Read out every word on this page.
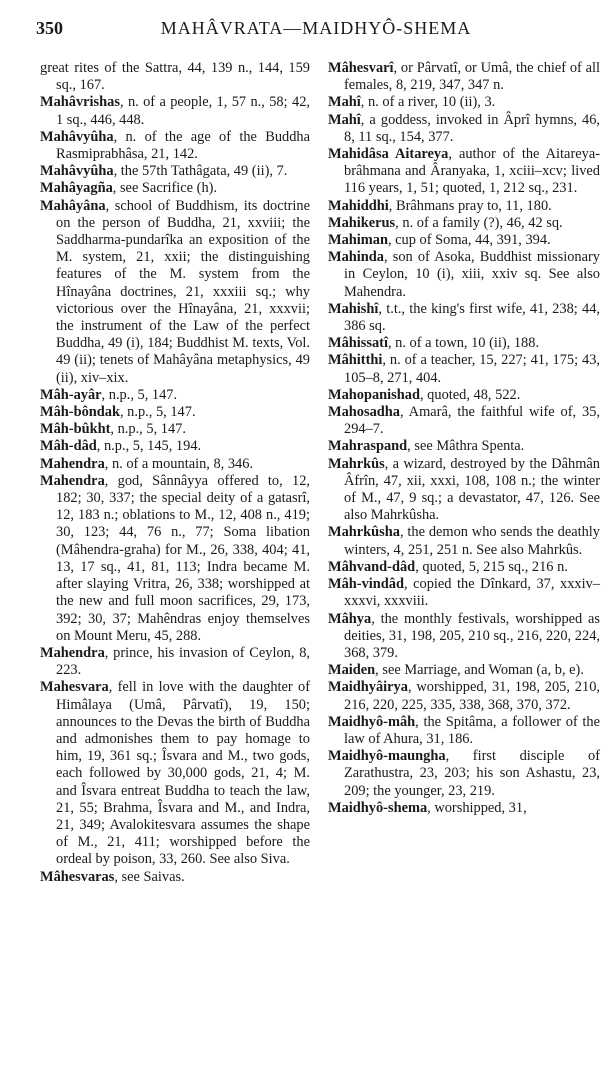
350	MAHÂVRATA—MAIDHYÔ-SHEMA

great rites of the Sattra, 44, 139 n., 144, 159 sq., 167.

Mahâvrishas, n. of a people, 1, 57 n., 58; 42, 1 sq., 446, 448.

Mahâvyûha, n. of the age of the Buddha Rasmiprabhâsa, 21, 142.

Mahâvyûha, the 57th Tathâgata, 49 (ii), 7.

Mahâyagña, see Sacrifice (h).

Mahâyâna, school of Buddhism, its doctrine on the person of Buddha, 21, xxviii; the Saddharma-pundarîka an exposition of the M. system, 21, xxii; the distinguishing features of the M. system from the Hînayâna doctrines, 21, xxxiii sq.; why victorious over the Hînayâna, 21, xxxvii; the instrument of the Law of the perfect Buddha, 49 (i), 184; Buddhist M. texts, Vol. 49 (ii); tenets of Mahâyâna metaphysics, 49 (ii), xiv–xix.

Mâh-ayâr, n.p., 5, 147.

Mâh-bôndak, n.p., 5, 147.

Mâh-bûkht, n.p., 5, 147.

Mâh-dâd, n.p., 5, 145, 194.

Mahendra, n. of a mountain, 8, 346.

Mahendra, god, Sânnâyya offered to, 12, 182; 30, 337; the special deity of a gatasrî, 12, 183 n.; oblations to M., 12, 408 n., 419; 30, 123; 44, 76 n., 77; Soma libation (Mâhendra-graha) for M., 26, 338, 404; 41, 13, 17 sq., 41, 81, 113; Indra became M. after slaying Vritra, 26, 338; worshipped at the new and full moon sacrifices, 29, 173, 392; 30, 37; Mahêndras enjoy themselves on Mount Meru, 45, 288.

Mahendra, prince, his invasion of Ceylon, 8, 223.

Mahesvara, fell in love with the daughter of Himâlaya (Umâ, Pârvatî), 19, 150; announces to the Devas the birth of Buddha and admonishes them to pay homage to him, 19, 361 sq.; Îsvara and M., two gods, each followed by 30,000 gods, 21, 4; M. and Îsvara entreat Buddha to teach the law, 21, 55; Brahma, Îsvara and M., and Indra, 21, 349; Avalokitesvara assumes the shape of M., 21, 411; worshipped before the ordeal by poison, 33, 260. See also Siva.

Mâhesvaras, see Saivas.

Mâhesvarî, or Pârvatî, or Umâ, the chief of all females, 8, 219, 347, 347 n.

Mahî, n. of a river, 10 (ii), 3.

Mahî, a goddess, invoked in Âprî hymns, 46, 8, 11 sq., 154, 377.

Mahidâsa Aitareya, author of the Aitareya-brâhmana and Âranyaka, 1, xciii–xcv; lived 116 years, 1, 51; quoted, 1, 212 sq., 231.

Mahiddhi, Brâhmans pray to, 11, 180.

Mahikerus, n. of a family (?), 46, 42 sq.

Mahiman, cup of Soma, 44, 391, 394.

Mahinda, son of Asoka, Buddhist missionary in Ceylon, 10 (i), xiii, xxiv sq. See also Mahendra.

Mahishî, t.t., the king's first wife, 41, 238; 44, 386 sq.

Mâhissatî, n. of a town, 10 (ii), 188.

Mâhitthi, n. of a teacher, 15, 227; 41, 175; 43, 105–8, 271, 404.

Mahopanishad, quoted, 48, 522.

Mahosadha, Amarâ, the faithful wife of, 35, 294–7.

Mahraspand, see Mâthra Spenta.

Mahrkûs, a wizard, destroyed by the Dâhmân Âfrîn, 47, xii, xxxi, 108, 108 n.; the winter of M., 47, 9 sq.; a devastator, 47, 126. See also Mahrkûsha.

Mahrkûsha, the demon who sends the deathly winters, 4, 251, 251 n. See also Mahrkûs.

Mâhvand-dâd, quoted, 5, 215 sq., 216 n.

Mâh-vindâd, copied the Dînkard, 37, xxxiv–xxxvi, xxxviii.

Mâhya, the monthly festivals, worshipped as deities, 31, 198, 205, 210 sq., 216, 220, 224, 368, 379.

Maiden, see Marriage, and Woman (a, b, e).

Maidhyâirya, worshipped, 31, 198, 205, 210, 216, 220, 225, 335, 338, 368, 370, 372.

Maidhyô-mâh, the Spitâma, a follower of the law of Ahura, 31, 186.

Maidhyô-maungha, first disciple of Zarathustra, 23, 203; his son Ashastu, 23, 209; the younger, 23, 219.

Maidhyô-shema, worshipped, 31,
